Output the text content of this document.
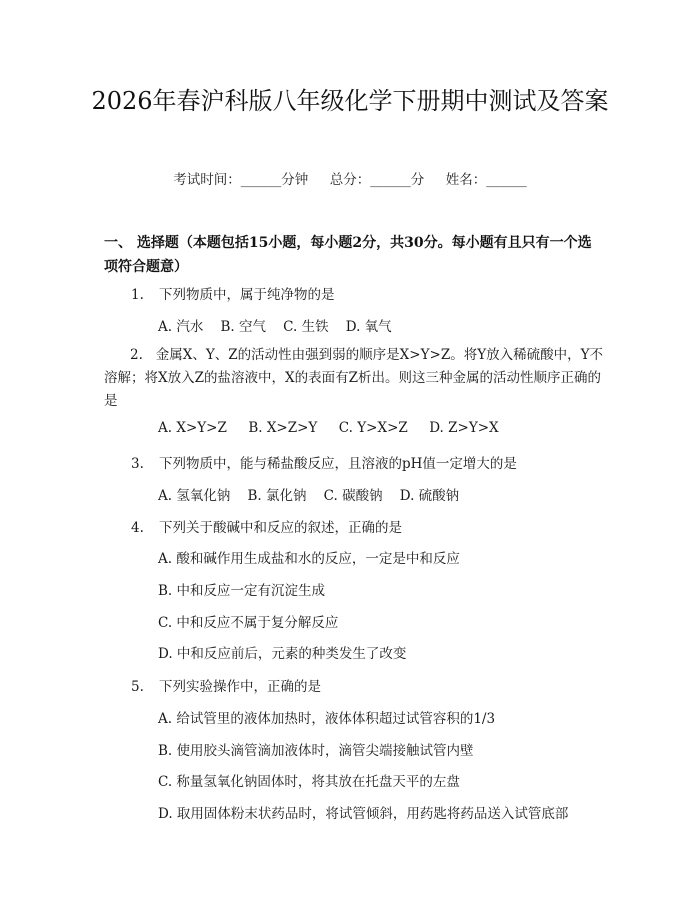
2026年春沪科版八年级化学下册期中测试及答案
考试时间：______分钟     总分：______分     姓名：______
一、 选择题（本题包括15小题，每小题2分，共30分。每小题有且只有一个选项符合题意）
1. 下列物质中，属于纯净物的是
A. 汽水    B. 空气    C. 生铁    D. 氧气
2. 金属X、Y、Z的活动性由强到弱的顺序是X>Y>Z。将Y放入稀硫酸中，Y不溶解；将X放入Z的盐溶液中，X的表面有Z析出。则这三种金属的活动性顺序正确的是
A. X>Y>Z     B. X>Z>Y     C. Y>X>Z     D. Z>Y>X
3. 下列物质中，能与稀盐酸反应，且溶液的pH值一定增大的是
A. 氢氧化钠    B. 氯化钠    C. 碳酸钠    D. 硫酸钠
4. 下列关于酸碱中和反应的叙述，正确的是
A. 酸和碱作用生成盐和水的反应，一定是中和反应
B. 中和反应一定有沉淀生成
C. 中和反应不属于复分解反应
D. 中和反应前后，元素的种类发生了改变
5. 下列实验操作中，正确的是
A. 给试管里的液体加热时，液体体积超过试管容积的1/3
B. 使用胶头滴管滴加液体时，滴管尖端接触试管内壁
C. 称量氢氧化钠固体时，将其放在托盘天平的左盘
D. 取用固体粉末状药品时，将试管倾斜，用药匙将药品送入试管底部
